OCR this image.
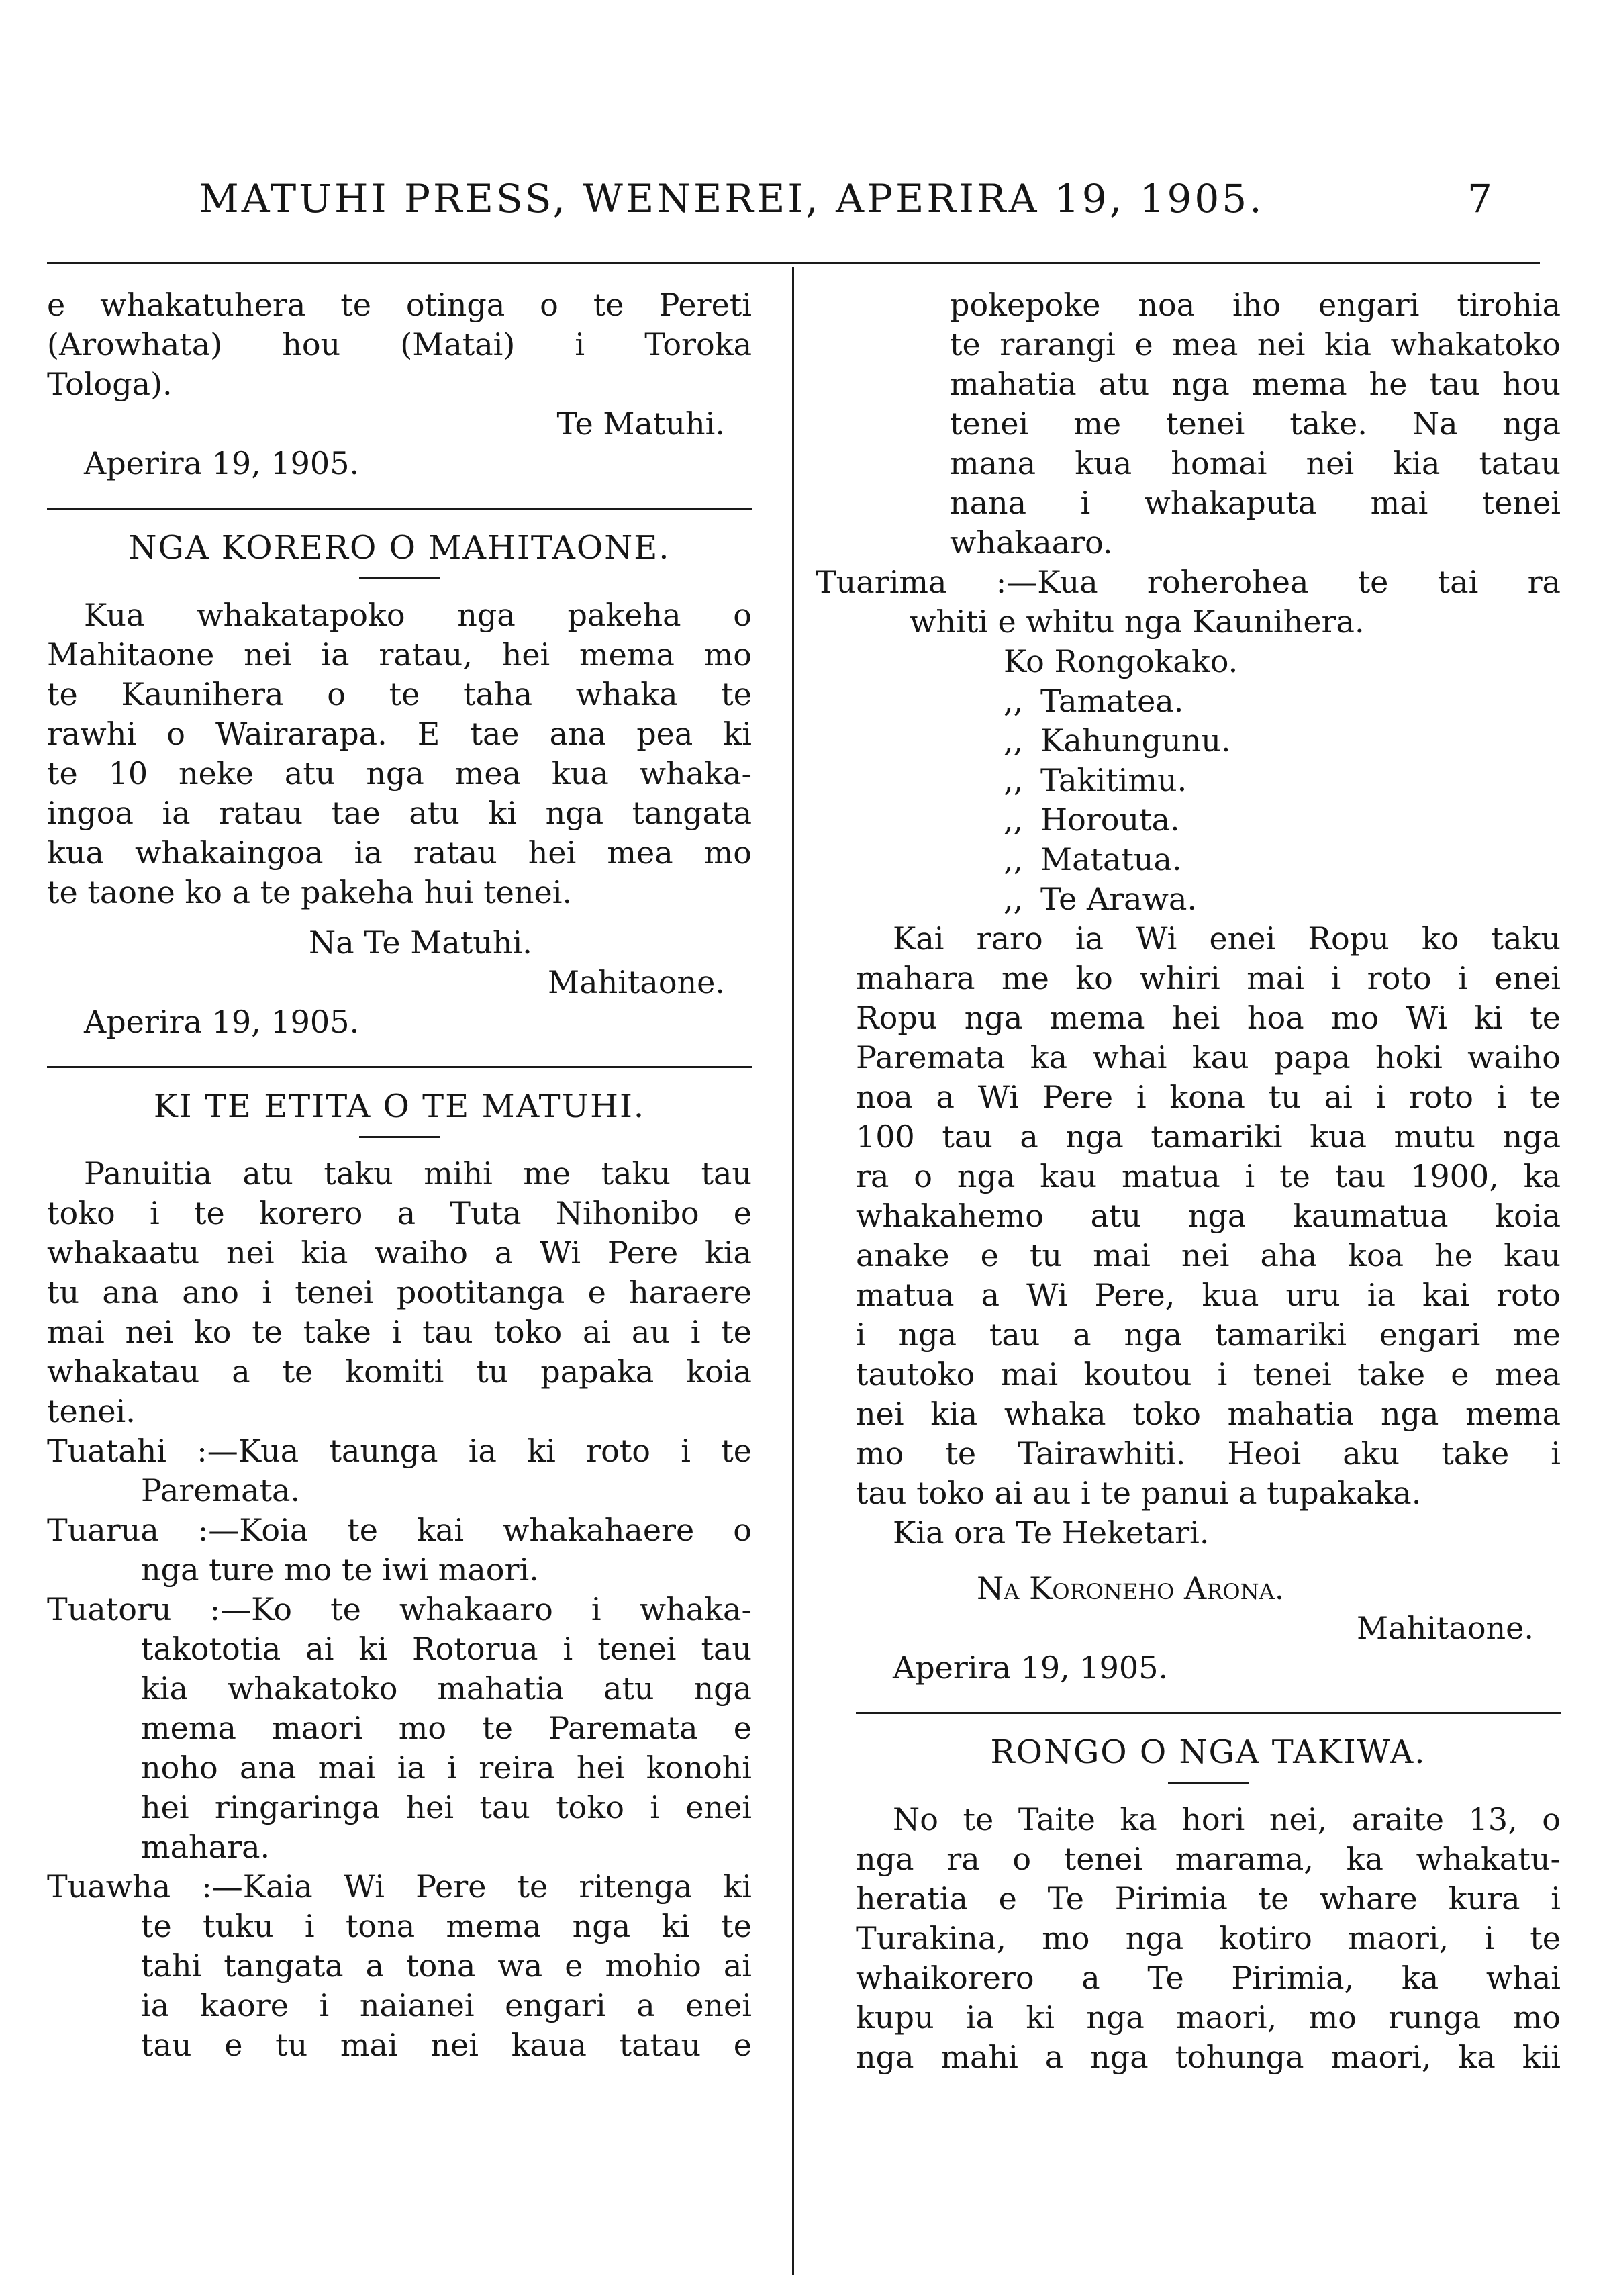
MATUHI PRESS, WENEREI, APERIRA 19, 1905.	7

e whakatuhera te otinga o te Pereti

(Arowhata) hou (Matai) i Toroka

Tologa).

Te Matuhi.

Aperira 19, 1905.

NGA KORERO O MAHITAONE.

Kua whakatapoko nga pakeha o

Mahitaone nei ia ratau, hei mema mo

te Kaunihera o te taha whaka te

rawhi o Wairarapa. E tae ana pea ki

te 10 neke atu nga mea kua whaka-

ingoa ia ratau tae atu ki nga tangata

kua whakaingoa ia ratau hei mea mo

te taone ko a te pakeha hui tenei.

Na Te Matuhi.

Mahitaone.

Aperira 19, 1905.

KI TE ETITA O TE MATUHI.

Panuitia atu taku mihi me taku tau

toko i te korero a Tuta Nihonibo e

whakaatu nei kia waiho a Wi Pere kia

tu ana ano i tenei pootitanga e haraere

mai nei ko te take i tau toko ai au i te

whakatau a te komiti tu papaka koia

tenei.

Tuatahi :—Kua taunga ia ki roto i te

Paremata.

Tuarua :—Koia te kai whakahaere o

nga ture mo te iwi maori.

Tuatoru :—Ko te whakaaro i whaka-

takototia ai ki Rotorua i tenei tau

kia whakatoko mahatia atu nga

mema maori mo te Paremata e

noho ana mai ia i reira hei konohi

hei ringaringa hei tau toko i enei

mahara.

Tuawha :—Kaia Wi Pere te ritenga ki

te tuku i tona mema nga ki te

tahi tangata a tona wa e mohio ai

ia kaore i naianei engari a enei

tau e tu mai nei kaua tatau e

pokepoke noa iho engari tirohia

te rarangi e mea nei kia whakatoko

mahatia atu nga mema he tau hou

tenei me tenei take. Na nga

mana kua homai nei kia tatau

nana i whakaputa mai tenei

whakaaro.

Tuarima :—Kua roherohea te tai ra

whiti e whitu nga Kaunihera.

Ko Rongokako.

,, Tamatea.

,, Kahungunu.

,, Takitimu.

,, Horouta.

,, Matatua.

,, Te Arawa.

Kai raro ia Wi enei Ropu ko taku

mahara me ko whiri mai i roto i enei

Ropu nga mema hei hoa mo Wi ki te

Paremata ka whai kau papa hoki waiho

noa a Wi Pere i kona tu ai i roto i te

100 tau a nga tamariki kua mutu nga

ra o nga kau matua i te tau 1900, ka

whakahemo atu nga kaumatua koia

anake e tu mai nei aha koa he kau

matua a Wi Pere, kua uru ia kai roto

i nga tau a nga tamariki engari me

tautoko mai koutou i tenei take e mea

nei kia whaka toko mahatia nga mema

mo te Tairawhiti. Heoi aku take i

tau toko ai au i te panui a tupakaka.

Kia ora Te Heketari.

Na Koroneho Arona.

Mahitaone.

Aperira 19, 1905.

RONGO O NGA TAKIWA.

No te Taite ka hori nei, araite 13, o

nga ra o tenei marama, ka whakatu-

heratia e Te Pirimia te whare kura i

Turakina, mo nga kotiro maori, i te

whaikorero a Te Pirimia, ka whai

kupu ia ki nga maori, mo runga mo

nga mahi a nga tohunga maori, ka kii
